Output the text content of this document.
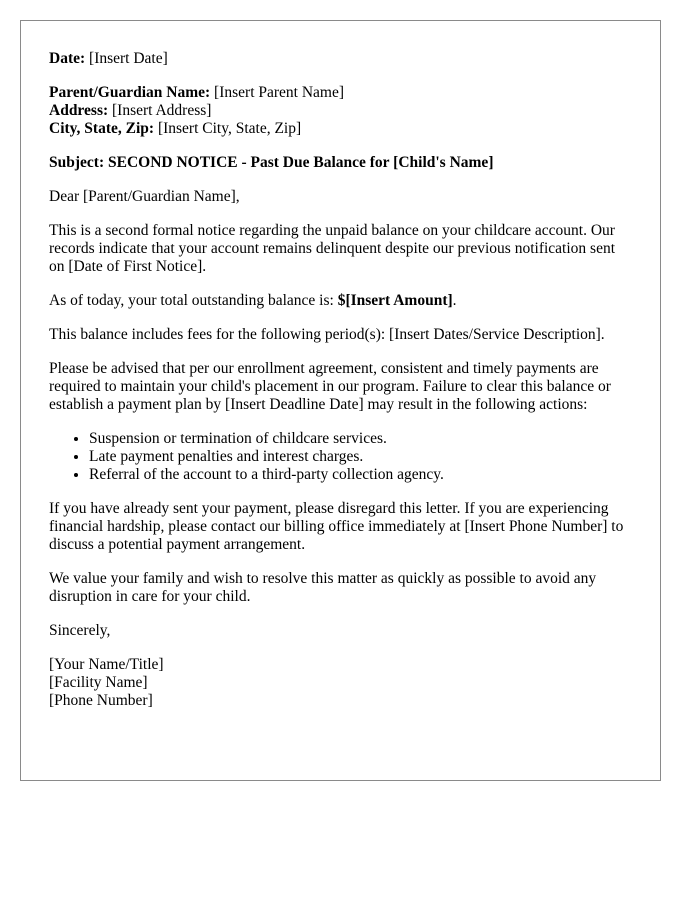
Date: [Insert Date]

Parent/Guardian Name: [Insert Parent Name]

Address: [Insert Address]

City, State, Zip: [Insert City, State, Zip]

Subject: SECOND NOTICE - Past Due Balance for [Child's Name]

Dear [Parent/Guardian Name],

This is a second formal notice regarding the unpaid balance on your childcare account. Our records indicate that your account remains delinquent despite our previous notification sent on [Date of First Notice].

As of today, your total outstanding balance is: $[Insert Amount].

This balance includes fees for the following period(s): [Insert Dates/Service Description].

Please be advised that per our enrollment agreement, consistent and timely payments are required to maintain your child's placement in our program. Failure to clear this balance or establish a payment plan by [Insert Deadline Date] may result in the following actions:

• Suspension or termination of childcare services.
• Late payment penalties and interest charges.
• Referral of the account to a third-party collection agency.

If you have already sent your payment, please disregard this letter. If you are experiencing financial hardship, please contact our billing office immediately at [Insert Phone Number] to discuss a potential payment arrangement.

We value your family and wish to resolve this matter as quickly as possible to avoid any disruption in care for your child.

Sincerely,

[Your Name/Title]

[Facility Name]

[Phone Number]
